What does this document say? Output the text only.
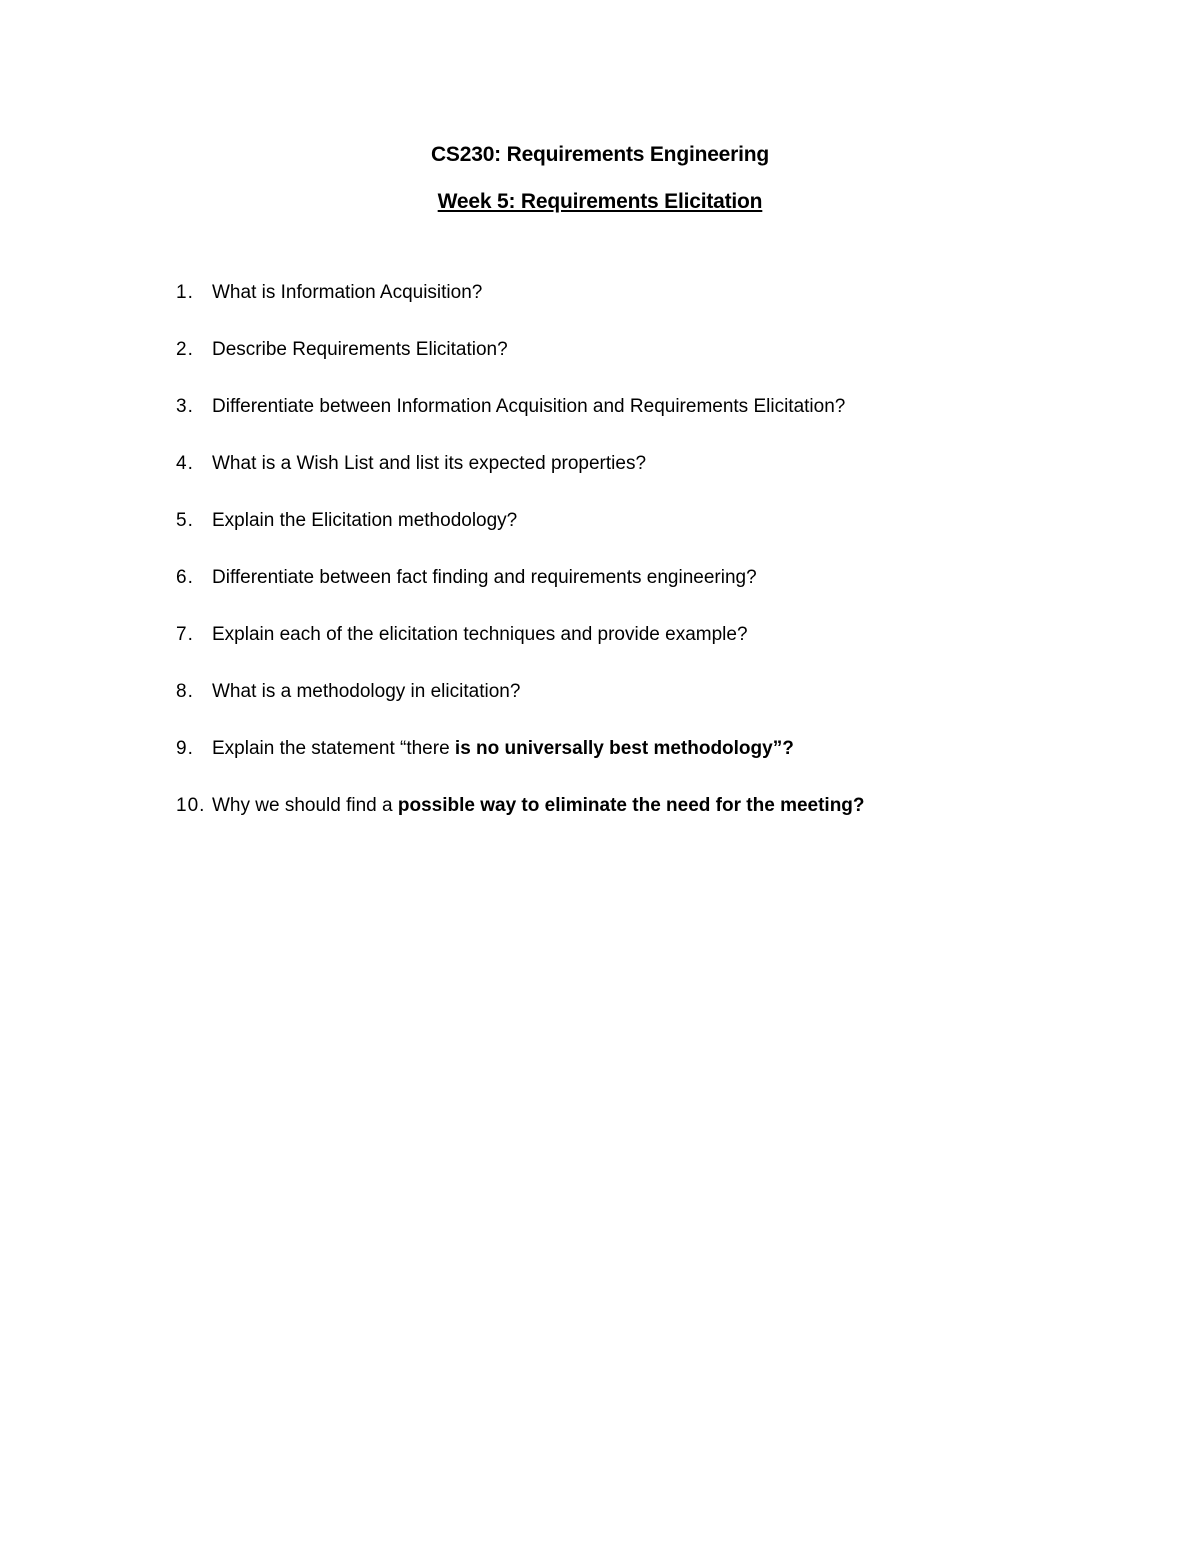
CS230: Requirements Engineering
Week 5: Requirements Elicitation
1. What is Information Acquisition?
2. Describe Requirements Elicitation?
3. Differentiate between Information Acquisition and Requirements Elicitation?
4. What is a Wish List and list its expected properties?
5. Explain the Elicitation methodology?
6. Differentiate between fact finding and requirements engineering?
7. Explain each of the elicitation techniques and provide example?
8. What is a methodology in elicitation?
9. Explain the statement “there is no universally best methodology”?
10. Why we should find a possible way to eliminate the need for the meeting?
